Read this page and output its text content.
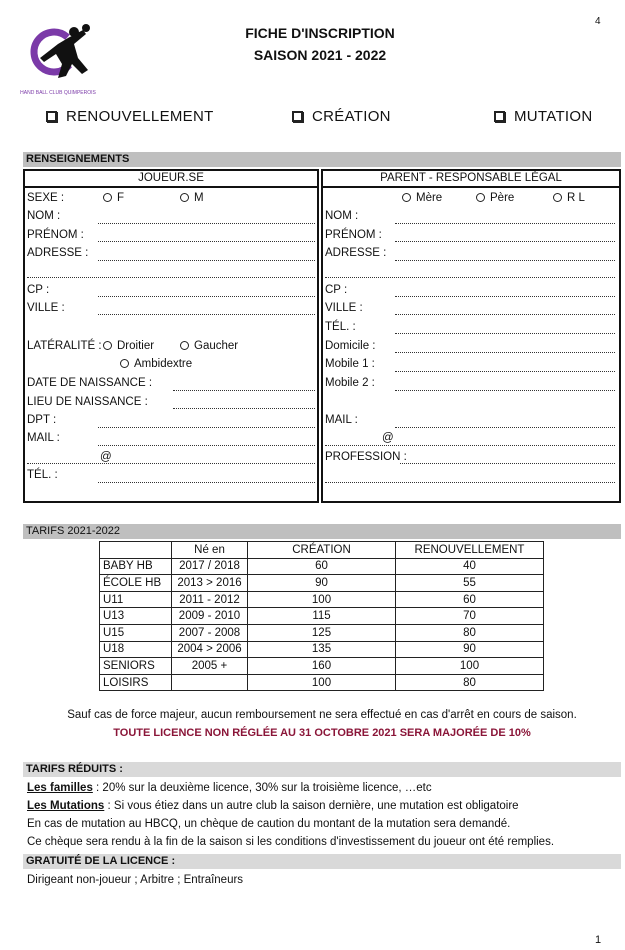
HAND BALL CLUB QUIMPEROIS
FICHE D'INSCRIPTION
SAISON 2021 - 2022
4
RENOUVELLEMENT	CRÉATION	MUTATION
RENSEIGNEMENTS
JOUEUR.SE	PARENT - RESPONSABLE LÉGAL
SEXE :	F	M
NOM :
PRÉNOM :
ADRESSE :
CP :
VILLE :
LATÉRALITÉ :	Droitier	Gaucher
Ambidextre
DATE DE NAISSANCE :
LIEU DE NAISSANCE :
DPT :
MAIL :
@
TÉL. :
Mère	Père	R L
NOM :
PRÉNOM :
ADRESSE :
CP :
VILLE :
TÉL. :
Domicile :
Mobile 1 :
Mobile 2 :
MAIL :
@
PROFESSION :
TARIFS 2021-2022
	Né en	CRÉATION	RENOUVELLEMENT
BABY HB	2017 / 2018	60	40
ÉCOLE HB	2013 > 2016	90	55
U11	2011 - 2012	100	60
U13	2009 - 2010	115	70
U15	2007 - 2008	125	80
U18	2004 > 2006	135	90
SENIORS	2005 +	160	100
LOISIRS		100	80
Sauf cas de force majeur, aucun remboursement ne sera effectué en cas d'arrêt en cours de saison.
TOUTE LICENCE NON RÉGLÉE AU 31 OCTOBRE 2021 SERA MAJORÉE DE 10%
TARIFS RÉDUITS :
Les familles : 20% sur la deuxième licence, 30% sur la troisième licence, …etc
Les Mutations : Si vous étiez dans un autre club la saison dernière, une mutation est obligatoire
En cas de mutation au HBCQ, un chèque de caution du montant de la mutation sera demandé.
Ce chèque sera rendu à la fin de la saison si les conditions d'investissement du joueur ont été remplies.
GRATUITÉ DE LA LICENCE :
Dirigeant non-joueur ; Arbitre ; Entraîneurs
1
